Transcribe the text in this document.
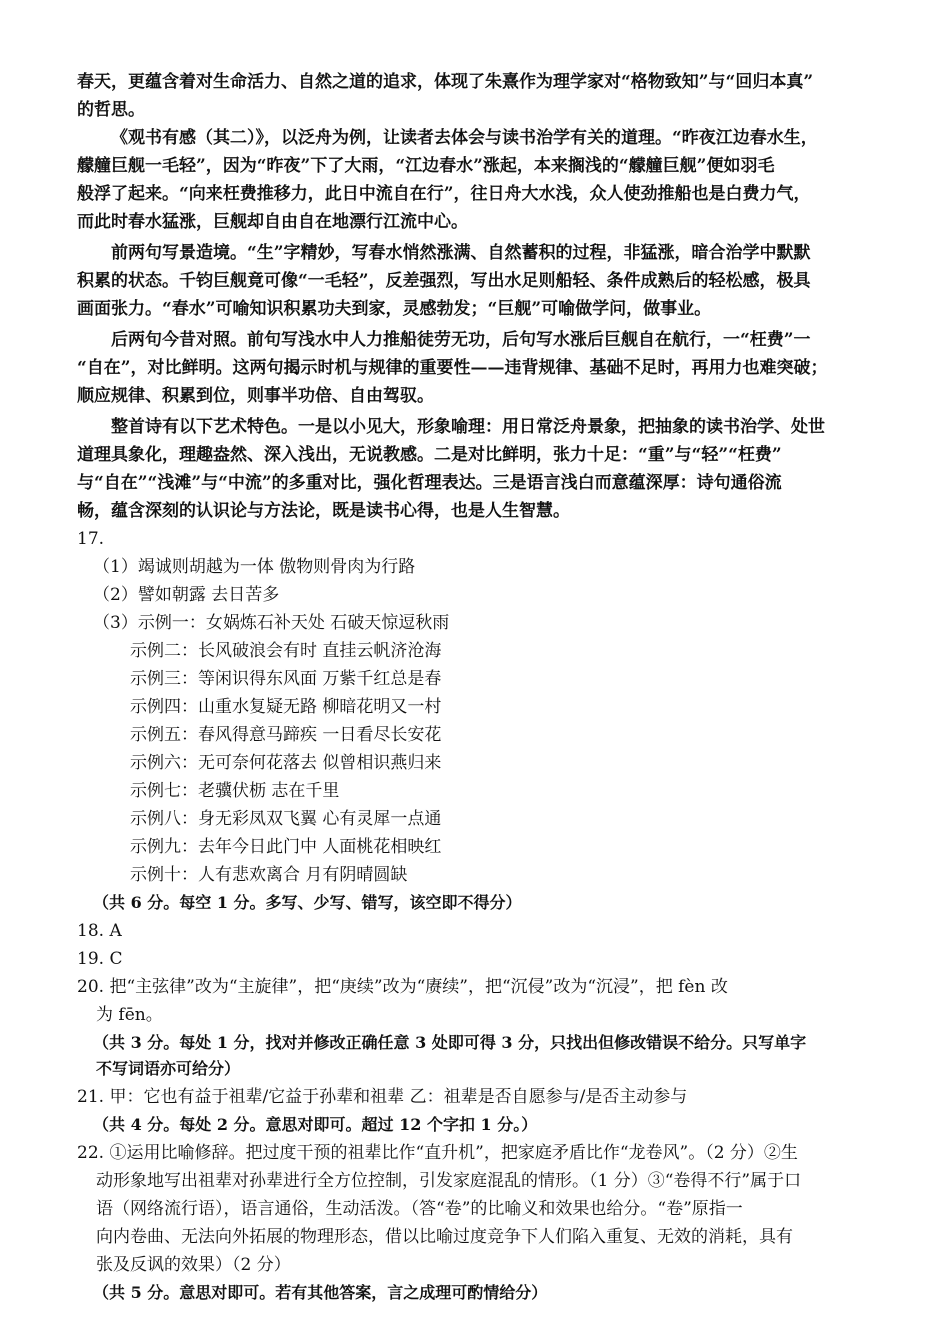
春天，更蕴含着对生命活力、自然之道的追求，体现了朱熹作为理学家对“格物致知”与“回归本真”
的哲思。
《观书有感（其二）》，以泛舟为例，让读者去体会与读书治学有关的道理。“昨夜江边春水生，
艨艟巨舰一毛轻”，因为“昨夜”下了大雨，“江边春水”涨起，本来搁浅的“艨艟巨舰”便如羽毛
般浮了起来。“向来枉费推移力，此日中流自在行”，往日舟大水浅，众人使劲推船也是白费力气，
而此时春水猛涨，巨舰却自由自在地漂行江流中心。
前两句写景造境。“生”字精妙，写春水悄然涨满、自然蓄积的过程，非猛涨，暗合治学中默默
积累的状态。千钧巨舰竟可像“一毛轻”，反差强烈，写出水足则船轻、条件成熟后的轻松感，极具
画面张力。“春水”可喻知识积累功夫到家，灵感勃发；“巨舰”可喻做学问，做事业。
后两句今昔对照。前句写浅水中人力推船徒劳无功，后句写水涨后巨舰自在航行，一“枉费”一
“自在”，对比鲜明。这两句揭示时机与规律的重要性——违背规律、基础不足时，再用力也难突破；
顺应规律、积累到位，则事半功倍、自由驾驭。
整首诗有以下艺术特色。一是以小见大，形象喻理：用日常泛舟景象，把抽象的读书治学、处世
道理具象化，理趣盎然、深入浅出，无说教感。二是对比鲜明，张力十足：“重”与“轻”“枉费”
与“自在”“浅滩”与“中流”的多重对比，强化哲理表达。三是语言浅白而意蕴深厚：诗句通俗流
畅，蕴含深刻的认识论与方法论，既是读书心得，也是人生智慧。
17.
（1）竭诚则胡越为一体 傲物则骨肉为行路
（2）譬如朝露 去日苦多
（3）示例一：女娲炼石补天处 石破天惊逗秋雨
示例二：长风破浪会有时 直挂云帆济沧海
示例三：等闲识得东风面 万紫千红总是春
示例四：山重水复疑无路 柳暗花明又一村
示例五：春风得意马蹄疾 一日看尽长安花
示例六：无可奈何花落去 似曾相识燕归来
示例七：老骥伏枥 志在千里
示例八：身无彩凤双飞翼 心有灵犀一点通
示例九：去年今日此门中 人面桃花相映红
示例十：人有悲欢离合 月有阴晴圆缺
（共 6 分。每空 1 分。多写、少写、错写，该空即不得分）
18. A
19. C
20. 把“主弦律”改为“主旋律”，把“庚续”改为“赓续”，把“沉侵”改为“沉浸”，把 fèn 改
为 fēn。
（共 3 分。每处 1 分，找对并修改正确任意 3 处即可得 3 分，只找出但修改错误不给分。只写单字
不写词语亦可给分）
21. 甲：它也有益于祖辈/它益于孙辈和祖辈 乙：祖辈是否自愿参与/是否主动参与
（共 4 分。每处 2 分。意思对即可。超过 12 个字扣 1 分。）
22. ①运用比喻修辞。把过度干预的祖辈比作“直升机”，把家庭矛盾比作“龙卷风”。（2 分）②生
动形象地写出祖辈对孙辈进行全方位控制，引发家庭混乱的情形。（1 分）③“卷得不行”属于口
语（网络流行语），语言通俗，生动活泼。（答“卷”的比喻义和效果也给分。“卷”原指一
向内卷曲、无法向外拓展的物理形态，借以比喻过度竞争下人们陷入重复、无效的消耗，具有
张及反讽的效果）（2 分）
（共 5 分。意思对即可。若有其他答案，言之成理可酌情给分）
